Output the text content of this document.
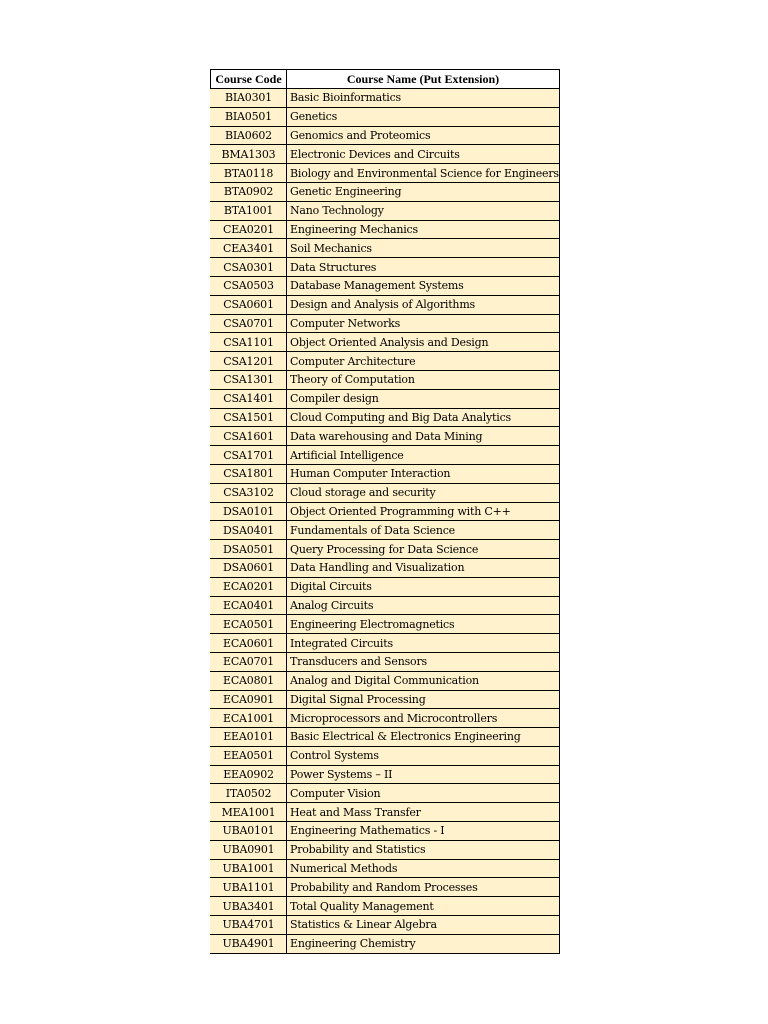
Course Code	Course Name (Put Extension)
BIA0301	Basic Bioinformatics
BIA0501	Genetics
BIA0602	Genomics and Proteomics
BMA1303	Electronic Devices and Circuits
BTA0118	Biology and Environmental Science for Engineers
BTA0902	Genetic Engineering
BTA1001	Nano Technology
CEA0201	Engineering Mechanics
CEA3401	Soil Mechanics
CSA0301	Data Structures
CSA0503	Database Management Systems
CSA0601	Design and Analysis of Algorithms
CSA0701	Computer Networks
CSA1101	Object Oriented Analysis and Design
CSA1201	Computer Architecture
CSA1301	Theory of Computation
CSA1401	Compiler design
CSA1501	Cloud Computing and Big Data Analytics
CSA1601	Data warehousing and Data Mining
CSA1701	Artificial Intelligence
CSA1801	Human Computer Interaction
CSA3102	Cloud storage and security
DSA0101	Object Oriented Programming with C++
DSA0401	Fundamentals of Data Science
DSA0501	Query Processing for Data Science
DSA0601	Data Handling and Visualization
ECA0201	Digital Circuits
ECA0401	Analog Circuits
ECA0501	Engineering Electromagnetics
ECA0601	Integrated Circuits
ECA0701	Transducers and Sensors
ECA0801	Analog and Digital Communication
ECA0901	Digital Signal Processing
ECA1001	Microprocessors and Microcontrollers
EEA0101	Basic Electrical & Electronics Engineering
EEA0501	Control Systems
EEA0902	Power Systems – II
ITA0502	Computer Vision
MEA1001	Heat and Mass Transfer
UBA0101	Engineering Mathematics - I
UBA0901	Probability and Statistics
UBA1001	Numerical Methods
UBA1101	Probability and Random Processes
UBA3401	Total Quality Management
UBA4701	Statistics & Linear Algebra
UBA4901	Engineering Chemistry
